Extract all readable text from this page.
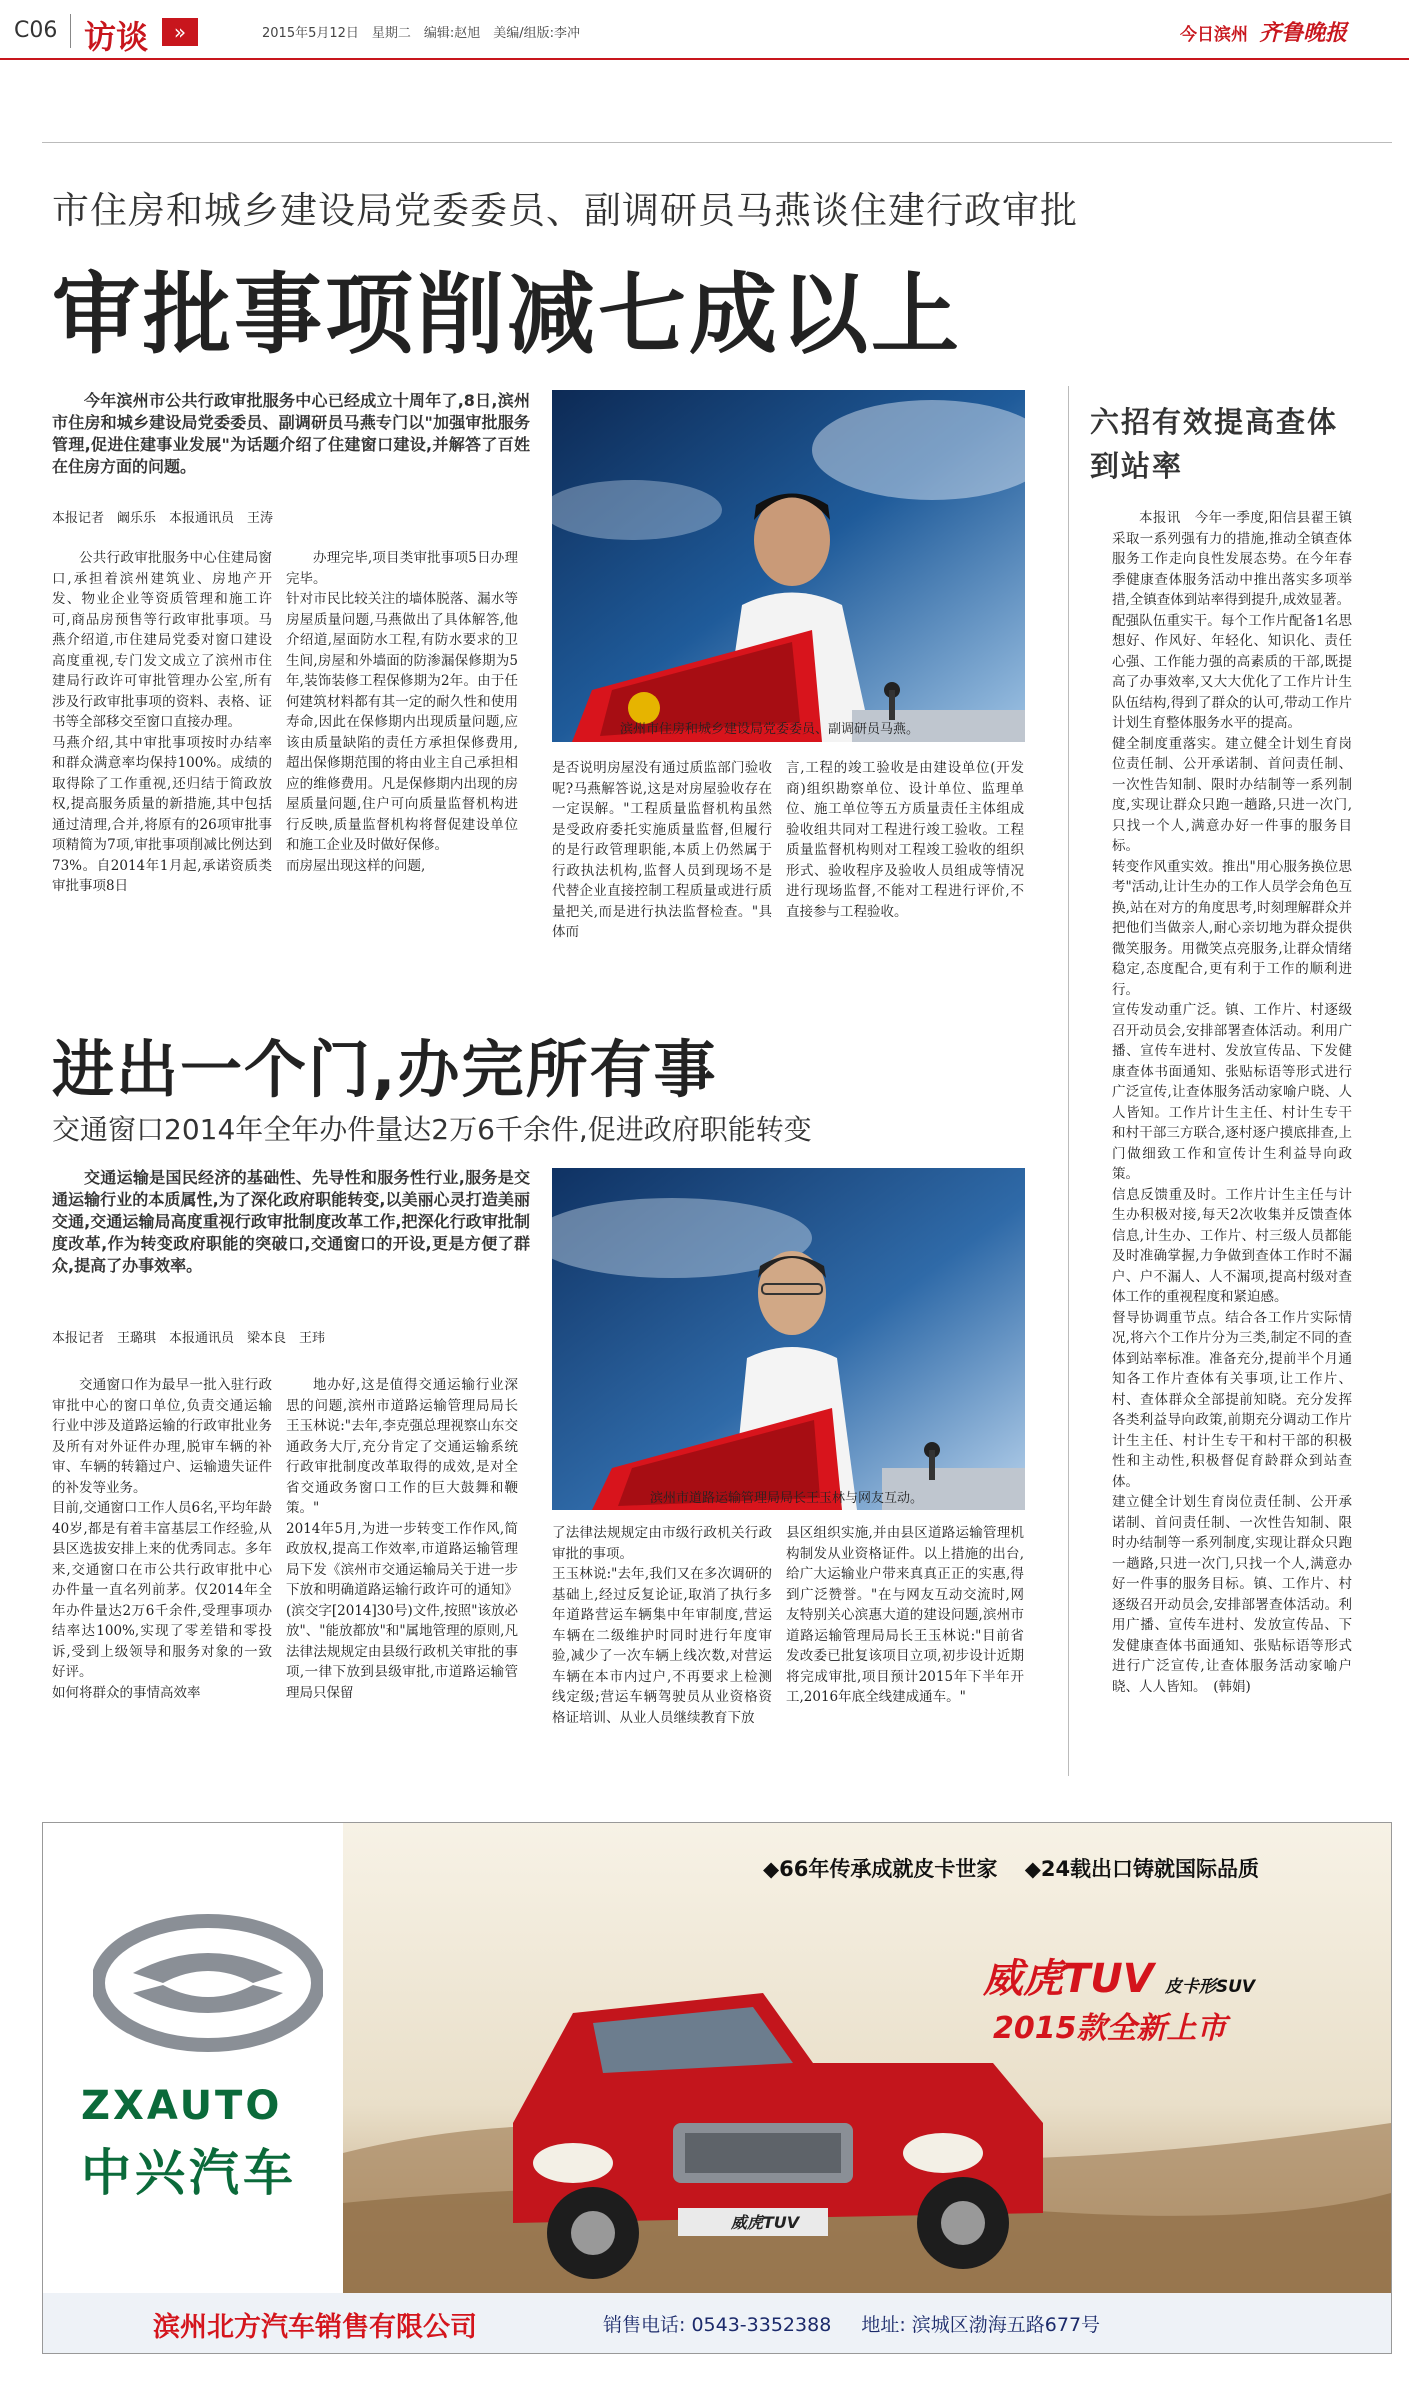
C06 访谈	»	2015年5月12日　星期二　编辑:赵旭　美编/组版:李冲	今日滨州 齐鲁晚报
市住房和城乡建设局党委委员、副调研员马燕谈住建行政审批
审批事项削减七成以上
今年滨州市公共行政审批服务中心已经成立十周年了,8日,滨州市住房和城乡建设局党委委员、副调研员马燕专门以"加强审批服务管理,促进住建事业发展"为话题介绍了住建窗口建设,并解答了百姓在住房方面的问题。
本报记者　阚乐乐　本报通讯员　王涛
公共行政审批服务中心住建局窗口,承担着滨州建筑业、房地产开发、物业企业等资质管理和施工许可,商品房预售等行政审批事项。马燕介绍道,市住建局党委对窗口建设高度重视,专门发文成立了滨州市住建局行政许可审批管理办公室,所有涉及行政审批事项的资料、表格、证书等全部移交至窗口直接办理。
马燕介绍,其中审批事项按时办结率和群众满意率均保持100%。成绩的取得除了工作重视,还归结于简政放权,提高服务质量的新措施,其中包括通过清理,合并,将原有的26项审批事项精简为7项,审批事项削减比例达到73%。自2014年1月起,承诺资质类审批事项8日
办理完毕,项目类审批事项5日办理完毕。
针对市民比较关注的墙体脱落、漏水等房屋质量问题,马燕做出了具体解答,他介绍道,屋面防水工程,有防水要求的卫生间,房屋和外墙面的防渗漏保修期为5年,装饰装修工程保修期为2年。由于任何建筑材料都有其一定的耐久性和使用寿命,因此在保修期内出现质量问题,应该由质量缺陷的责任方承担保修费用,超出保修期范围的将由业主自己承担相应的维修费用。凡是保修期内出现的房屋质量问题,住户可向质量监督机构进行反映,质量监督机构将督促建设单位和施工企业及时做好保修。
而房屋出现这样的问题,
滨州市住房和城乡建设局党委委员、副调研员马燕。
是否说明房屋没有通过质监部门验收呢?马燕解答说,这是对房屋验收存在一定误解。"工程质量监督机构虽然是受政府委托实施质量监督,但履行的是行政管理职能,本质上仍然属于行政执法机构,监督人员到现场不是代替企业直接控制工程质量或进行质量把关,而是进行执法监督检查。"具体而
言,工程的竣工验收是由建设单位(开发商)组织勘察单位、设计单位、监理单位、施工单位等五方质量责任主体组成验收组共同对工程进行竣工验收。工程质量监督机构则对工程竣工验收的组织形式、验收程序及验收人员组成等情况进行现场监督,不能对工程进行评价,不直接参与工程验收。
六招有效提高查体到站率
本报讯　今年一季度,阳信县翟王镇采取一系列强有力的措施,推动全镇查体服务工作走向良性发展态势。在今年春季健康查体服务活动中推出落实多项举措,全镇查体到站率得到提升,成效显著。
配强队伍重实干。每个工作片配备1名思想好、作风好、年轻化、知识化、责任心强、工作能力强的高素质的干部,既提高了办事效率,又大大优化了工作片计生队伍结构,得到了群众的认可,带动工作片计划生育整体服务水平的提高。
健全制度重落实。建立健全计划生育岗位责任制、公开承诺制、首问责任制、一次性告知制、限时办结制等一系列制度,实现让群众只跑一趟路,只进一次门,只找一个人,满意办好一件事的服务目标。
转变作风重实效。推出"用心服务换位思考"活动,让计生办的工作人员学会角色互换,站在对方的角度思考,时刻理解群众并把他们当做亲人,耐心亲切地为群众提供微笑服务。用微笑点亮服务,让群众情绪稳定,态度配合,更有利于工作的顺利进行。
宣传发动重广泛。镇、工作片、村逐级召开动员会,安排部署查体活动。利用广播、宣传车进村、发放宣传品、下发健康查体书面通知、张贴标语等形式进行广泛宣传,让查体服务活动家喻户晓、人人皆知。工作片计生主任、村计生专干和村干部三方联合,逐村逐户摸底排查,上门做细致工作和宣传计生利益导向政策。
信息反馈重及时。工作片计生主任与计生办积极对接,每天2次收集并反馈查体信息,计生办、工作片、村三级人员都能及时准确掌握,力争做到查体工作时不漏户、户不漏人、人不漏项,提高村级对查体工作的重视程度和紧迫感。
督导协调重节点。结合各工作片实际情况,将六个工作片分为三类,制定不同的查体到站率标准。准备充分,提前半个月通知各工作片查体有关事项,让工作片、村、查体群众全部提前知晓。充分发挥各类利益导向政策,前期充分调动工作片计生主任、村计生专干和村干部的积极性和主动性,积极督促育龄群众到站查体。
建立健全计划生育岗位责任制、公开承诺制、首问责任制、一次性告知制、限时办结制等一系列制度,实现让群众只跑一趟路,只进一次门,只找一个人,满意办好一件事的服务目标。镇、工作片、村逐级召开动员会,安排部署查体活动。利用广播、宣传车进村、发放宣传品、下发健康查体书面通知、张贴标语等形式进行广泛宣传,让查体服务活动家喻户晓、人人皆知。　(韩娟)
进出一个门,办完所有事
交通窗口2014年全年办件量达2万6千余件,促进政府职能转变
交通运输是国民经济的基础性、先导性和服务性行业,服务是交通运输行业的本质属性,为了深化政府职能转变,以美丽心灵打造美丽交通,交通运输局高度重视行政审批制度改革工作,把深化行政审批制度改革,作为转变政府职能的突破口,交通窗口的开设,更是方便了群众,提高了办事效率。
本报记者　王璐琪　本报通讯员　梁本良　王玮
交通窗口作为最早一批入驻行政审批中心的窗口单位,负责交通运输行业中涉及道路运输的行政审批业务及所有对外证件办理,脱审车辆的补审、车辆的转籍过户、运输遗失证件的补发等业务。
目前,交通窗口工作人员6名,平均年龄40岁,都是有着丰富基层工作经验,从县区选拔安排上来的优秀同志。多年来,交通窗口在市公共行政审批中心办件量一直名列前茅。仅2014年全年办件量达2万6千余件,受理事项办结率达100%,实现了零差错和零投诉,受到上级领导和服务对象的一致好评。
如何将群众的事情高效率
地办好,这是值得交通运输行业深思的问题,滨州市道路运输管理局局长王玉林说:"去年,李克强总理视察山东交通政务大厅,充分肯定了交通运输系统行政审批制度改革取得的成效,是对全省交通政务窗口工作的巨大鼓舞和鞭策。"
2014年5月,为进一步转变工作作风,简政放权,提高工作效率,市道路运输管理局下发《滨州市交通运输局关于进一步下放和明确道路运输行政许可的通知》(滨交字[2014]30号)文件,按照"该放必放"、"能放都放"和"属地管理的原则,凡法律法规规定由县级行政机关审批的事项,一律下放到县级审批,市道路运输管理局只保留
滨州市道路运输管理局局长王玉林与网友互动。
了法律法规规定由市级行政机关行政审批的事项。
王玉林说:"去年,我们又在多次调研的基础上,经过反复论证,取消了执行多年道路营运车辆集中年审制度,营运车辆在二级维护时同时进行年度审验,减少了一次车辆上线次数,对营运车辆在本市内过户,不再要求上检测线定级;营运车辆驾驶员从业资格资格证培训、从业人员继续教育下放
县区组织实施,并由县区道路运输管理机构制发从业资格证件。以上措施的出台,给广大运输业户带来真真正正的实惠,得到广泛赞誉。"在与网友互动交流时,网友特别关心滨惠大道的建设问题,滨州市道路运输管理局局长王玉林说:"目前省发改委已批复该项目立项,初步设计近期将完成审批,项目预计2015年下半年开工,2016年底全线建成通车。"
◆66年传承成就皮卡世家 ◆24载出口铸就国际品质
威虎TUV 皮卡形SUV
2015款全新上市
威虎TUV
ZXAUTO
中兴汽车
滨州北方汽车销售有限公司	销售电话: 0543-3352388 地址: 滨城区渤海五路677号
